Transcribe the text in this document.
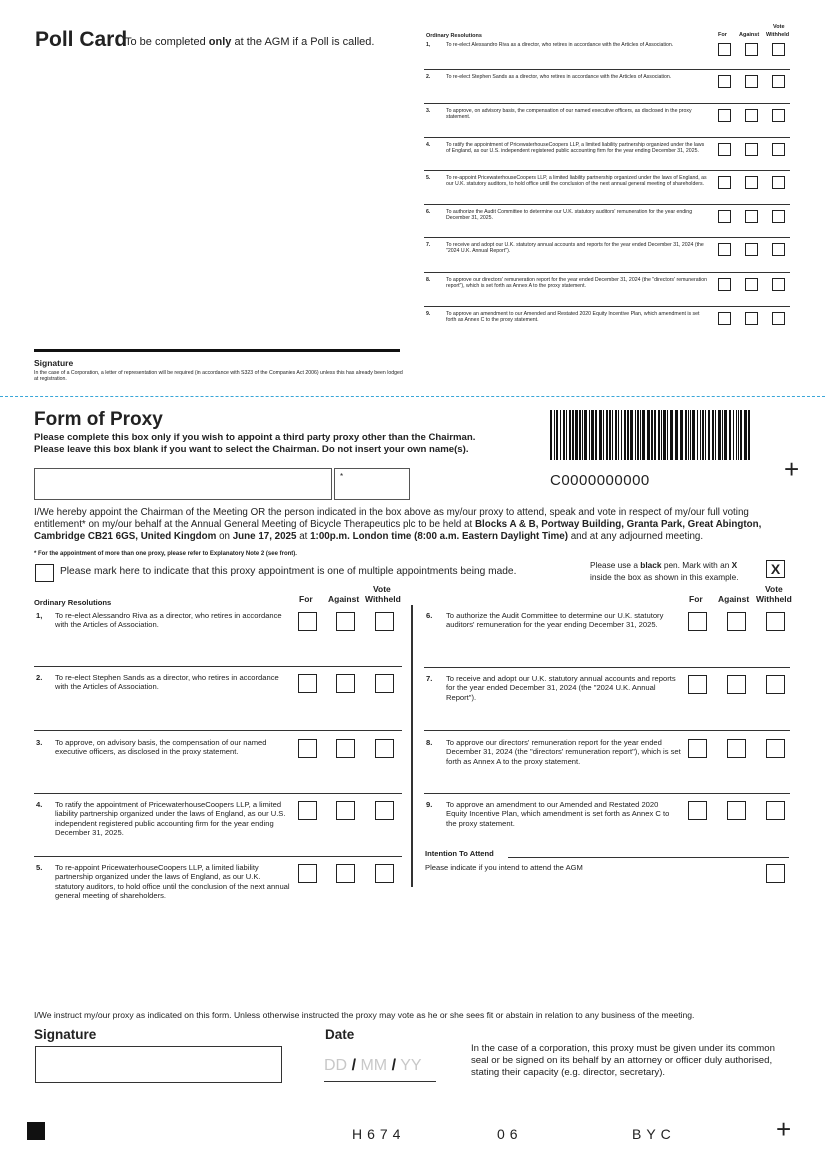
Poll Card
To be completed only at the AGM if a Poll is called.	Ordinary Resolutions	For Against
Vote
Withheld
1,	To re-elect Alessandro Riva as a director, who retires in accordance with the Articles of Association.
2.	To re-elect Stephen Sands as a director, who retires in accordance with the Articles of Association.
3.	To approve, on advisory basis, the compensation of our named executive officers, as disclosed in the proxy statement.
4.	To ratify the appointment of PricewaterhouseCoopers LLP, a limited liability partnership organized under the laws of England, as our U.S. independent registered public accounting firm for the year ending December 31, 2025.
5.	To re-appoint PricewaterhouseCoopers LLP, a limited liability partnership organized under the laws of England, as our U.K. statutory auditors, to hold office until the conclusion of the next annual general meeting of shareholders.
6.	To authorize the Audit Committee to determine our U.K. statutory auditors' remuneration for the year ending December 31, 2025.
7.	To receive and adopt our U.K. statutory annual accounts and reports for the year ended December 31, 2024 (the "2024 U.K. Annual Report").
8.	To approve our directors' remuneration report for the year ended December 31, 2024 (the "directors' remuneration report"), which is set forth as Annex A to the proxy statement.
9.	To approve an amendment to our Amended and Restated 2020 Equity Incentive Plan, which amendment is set forth as Annex C to the proxy statement.
Signature
In the case of a Corporation, a letter of representation will be required (in accordance with S323 of the Companies Act 2006) unless this has already been lodged at registration.
Form of Proxy
Please complete this box only if you wish to appoint a third party proxy other than the Chairman.
Please leave this box blank if you want to select the Chairman. Do not insert your own name(s).
*	C0000000000	+
I/We hereby appoint the Chairman of the Meeting OR the person indicated in the box above as my/our proxy to attend, speak and vote in respect of my/our full voting entitlement* on my/our behalf at the Annual General Meeting of Bicycle Therapeutics plc to be held at Blocks A & B, Portway Building, Granta Park, Great Abington, Cambridge CB21 6GS, United Kingdom on June 17, 2025 at 1:00p.m. London time (8:00 a.m. Eastern Daylight Time) and at any adjourned meeting.
* For the appointment of more than one proxy, please refer to Explanatory Note 2 (see front).
Please mark here to indicate that this proxy appointment is one of multiple appointments being made.
Please use a black pen. Mark with an X
inside the box as shown in this example.	X
Ordinary Resolutions	For Against
Vote
Withheld	For Against
Vote
Withheld
1, To re-elect Alessandro Riva as a director, who retires in accordance with the Articles of Association.
2. To re-elect Stephen Sands as a director, who retires in accordance with the Articles of Association.
3. To approve, on advisory basis, the compensation of our named executive officers, as disclosed in the proxy statement.
4. To ratify the appointment of PricewaterhouseCoopers LLP, a limited liability partnership organized under the laws of England, as our U.S. independent registered public accounting firm for the year ending December 31, 2025.
5. To re-appoint PricewaterhouseCoopers LLP, a limited liability partnership organized under the laws of England, as our U.K. statutory auditors, to hold office until the conclusion of the next annual general meeting of shareholders.
6. To authorize the Audit Committee to determine our U.K. statutory auditors' remuneration for the year ending December 31, 2025.
7. To receive and adopt our U.K. statutory annual accounts and reports for the year ended December 31, 2024 (the "2024 U.K. Annual Report").
8. To approve our directors' remuneration report for the year ended December 31, 2024 (the "directors' remuneration report"), which is set forth as Annex A to the proxy statement.
9. To approve an amendment to our Amended and Restated 2020 Equity Incentive Plan, which amendment is set forth as Annex C to the proxy statement.
Intention To Attend
Please indicate if you intend to attend the AGM
I/We instruct my/our proxy as indicated on this form. Unless otherwise instructed the proxy may vote as he or she sees fit or abstain in relation to any business of the meeting.
Signature	Date
DD / MM / YY
In the case of a corporation, this proxy must be given under its common seal or be signed on its behalf by an attorney or officer duly authorised, stating their capacity (e.g. director, secretary).
H674	06	BYC	+
